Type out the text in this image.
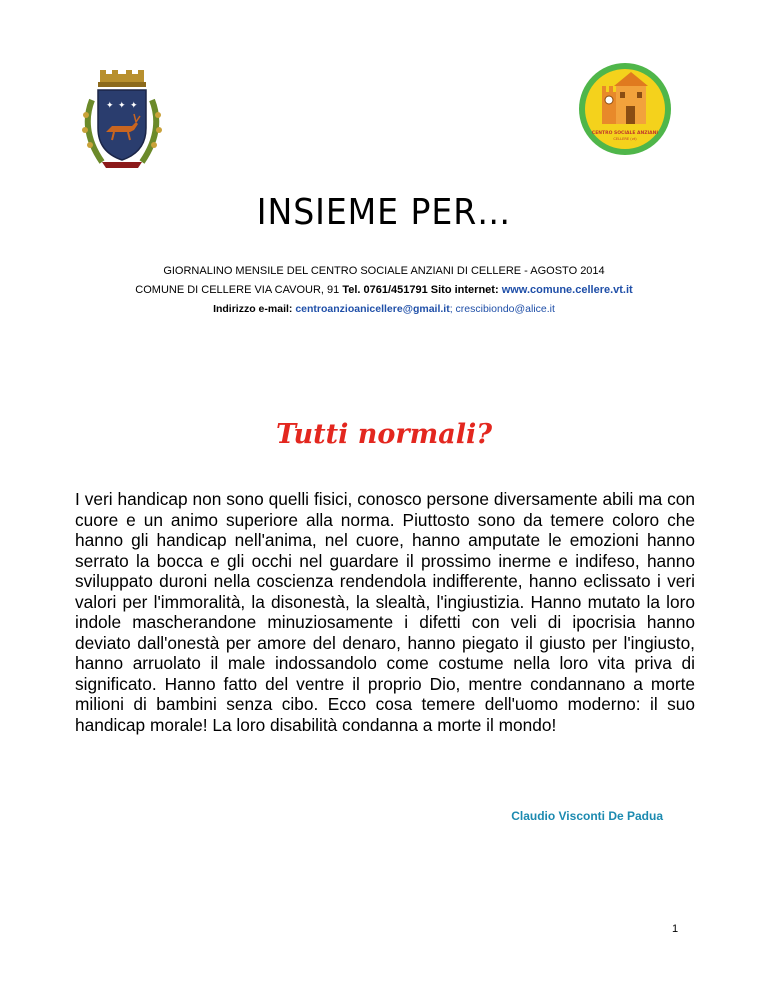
✦ ✦ ✦
CENTRO SOCIALE ANZIANI
CELLERE (vt)
INSIEME PER…
GIORNALINO MENSILE DEL CENTRO SOCIALE ANZIANI DI CELLERE - AGOSTO 2014
COMUNE DI CELLERE VIA CAVOUR, 91 Tel. 0761/451791 Sito internet: www.comune.cellere.vt.it
Indirizzo e-mail: centroanzioanicellere@gmail.it; crescibiondo@alice.it
Tutti normali?

I veri handicap non sono quelli fisici, conosco persone diversamente abili ma con cuore e un animo superiore alla norma. Piuttosto sono da temere coloro che hanno gli handicap nell'anima, nel cuore, hanno amputate le emozioni hanno serrato la bocca e gli occhi nel guardare il prossimo inerme e indifeso, hanno sviluppato duroni nella coscienza rendendola indifferente, hanno eclissato i veri valori per l'immoralità, la disonestà, la slealtà, l'ingiustizia. Hanno mutato la loro indole mascherandone minuziosamente i difetti con veli di ipocrisia hanno deviato dall'onestà per amore del denaro, hanno piegato il giusto per l'ingiusto, hanno arruolato il male indossandolo come costume nella loro vita priva di significato. Hanno fatto del ventre il proprio Dio, mentre condannano a morte milioni di bambini senza cibo. Ecco cosa temere dell'uomo moderno: il suo handicap morale! La loro disabilità condanna a morte il mondo!

Claudio Visconti De Padua
1
